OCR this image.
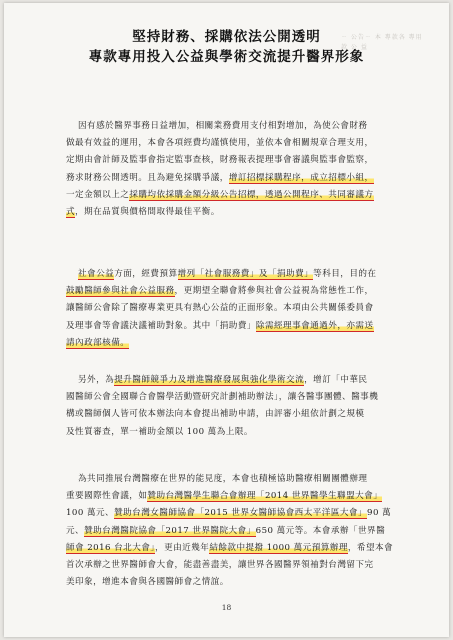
ㄧ 公告ㄧ 本 專款各 專用 款 公 益
堅持財務、採購依法公開透明
專款專用投入公益與學術交流提升醫界形象
因有感於醫界事務日益增加，相關業務費用支付相對增加，為使公會財務
做最有效益的運用，本會各項經費均謹慎使用，並依本會相關規章合理支用，
定期由會計師及監事會指定監事查核，財務報表提理事會審議與監事會監察，
務求財務公開透明。且為避免採購爭議，增訂招標採購程序，成立招標小組，
一定金額以上之採購均依採購金額分級公告招標，透過公開程序、共同審議方
式，期在品質與價格間取得最佳平衡。
社會公益方面，經費預算增列「社會服務費」及「捐助費」等科目，目的在
鼓勵醫師參與社會公益服務，更期望全聯會將參與社會公益視為常態性工作，
讓醫師公會除了醫療專業更具有熱心公益的正面形象。本項由公共關係委員會
及理事會等會議決議補助對象。其中「捐助費」除需經理事會通過外，亦需送
請內政部核備。
另外，為提升醫師競爭力及增進醫療發展與強化學術交流，增訂「中華民
國醫師公會全國聯合會醫學活動暨研究計劃補助辦法」，讓各醫事團體、醫事機
構或醫師個人皆可依本辦法向本會提出補助申請，由評審小組依計劃之規模
及性質審查，單一補助金額以 100 萬為上限。
為共同推展台灣醫療在世界的能見度，本會也積極協助醫療相關團體辦理
重要國際性會議，如贊助台灣醫學生聯合會辦理「2014 世界醫學生聯盟大會」
100 萬元、贊助台灣女醫師協會「2015 世界女醫師協會西太平洋區大會」90 萬
元、贊助台灣醫院協會「2017 世界醫院大會」650 萬元等。本會承辦「世界醫
師會 2016 台北大會」，更由近幾年結餘款中提撥 1000 萬元預算辦理，希望本會
首次承辦之世界醫師會大會，能盡善盡美，讓世界各國醫界領袖對台灣留下完
美印象，增進本會與各國醫師會之情誼。
18
